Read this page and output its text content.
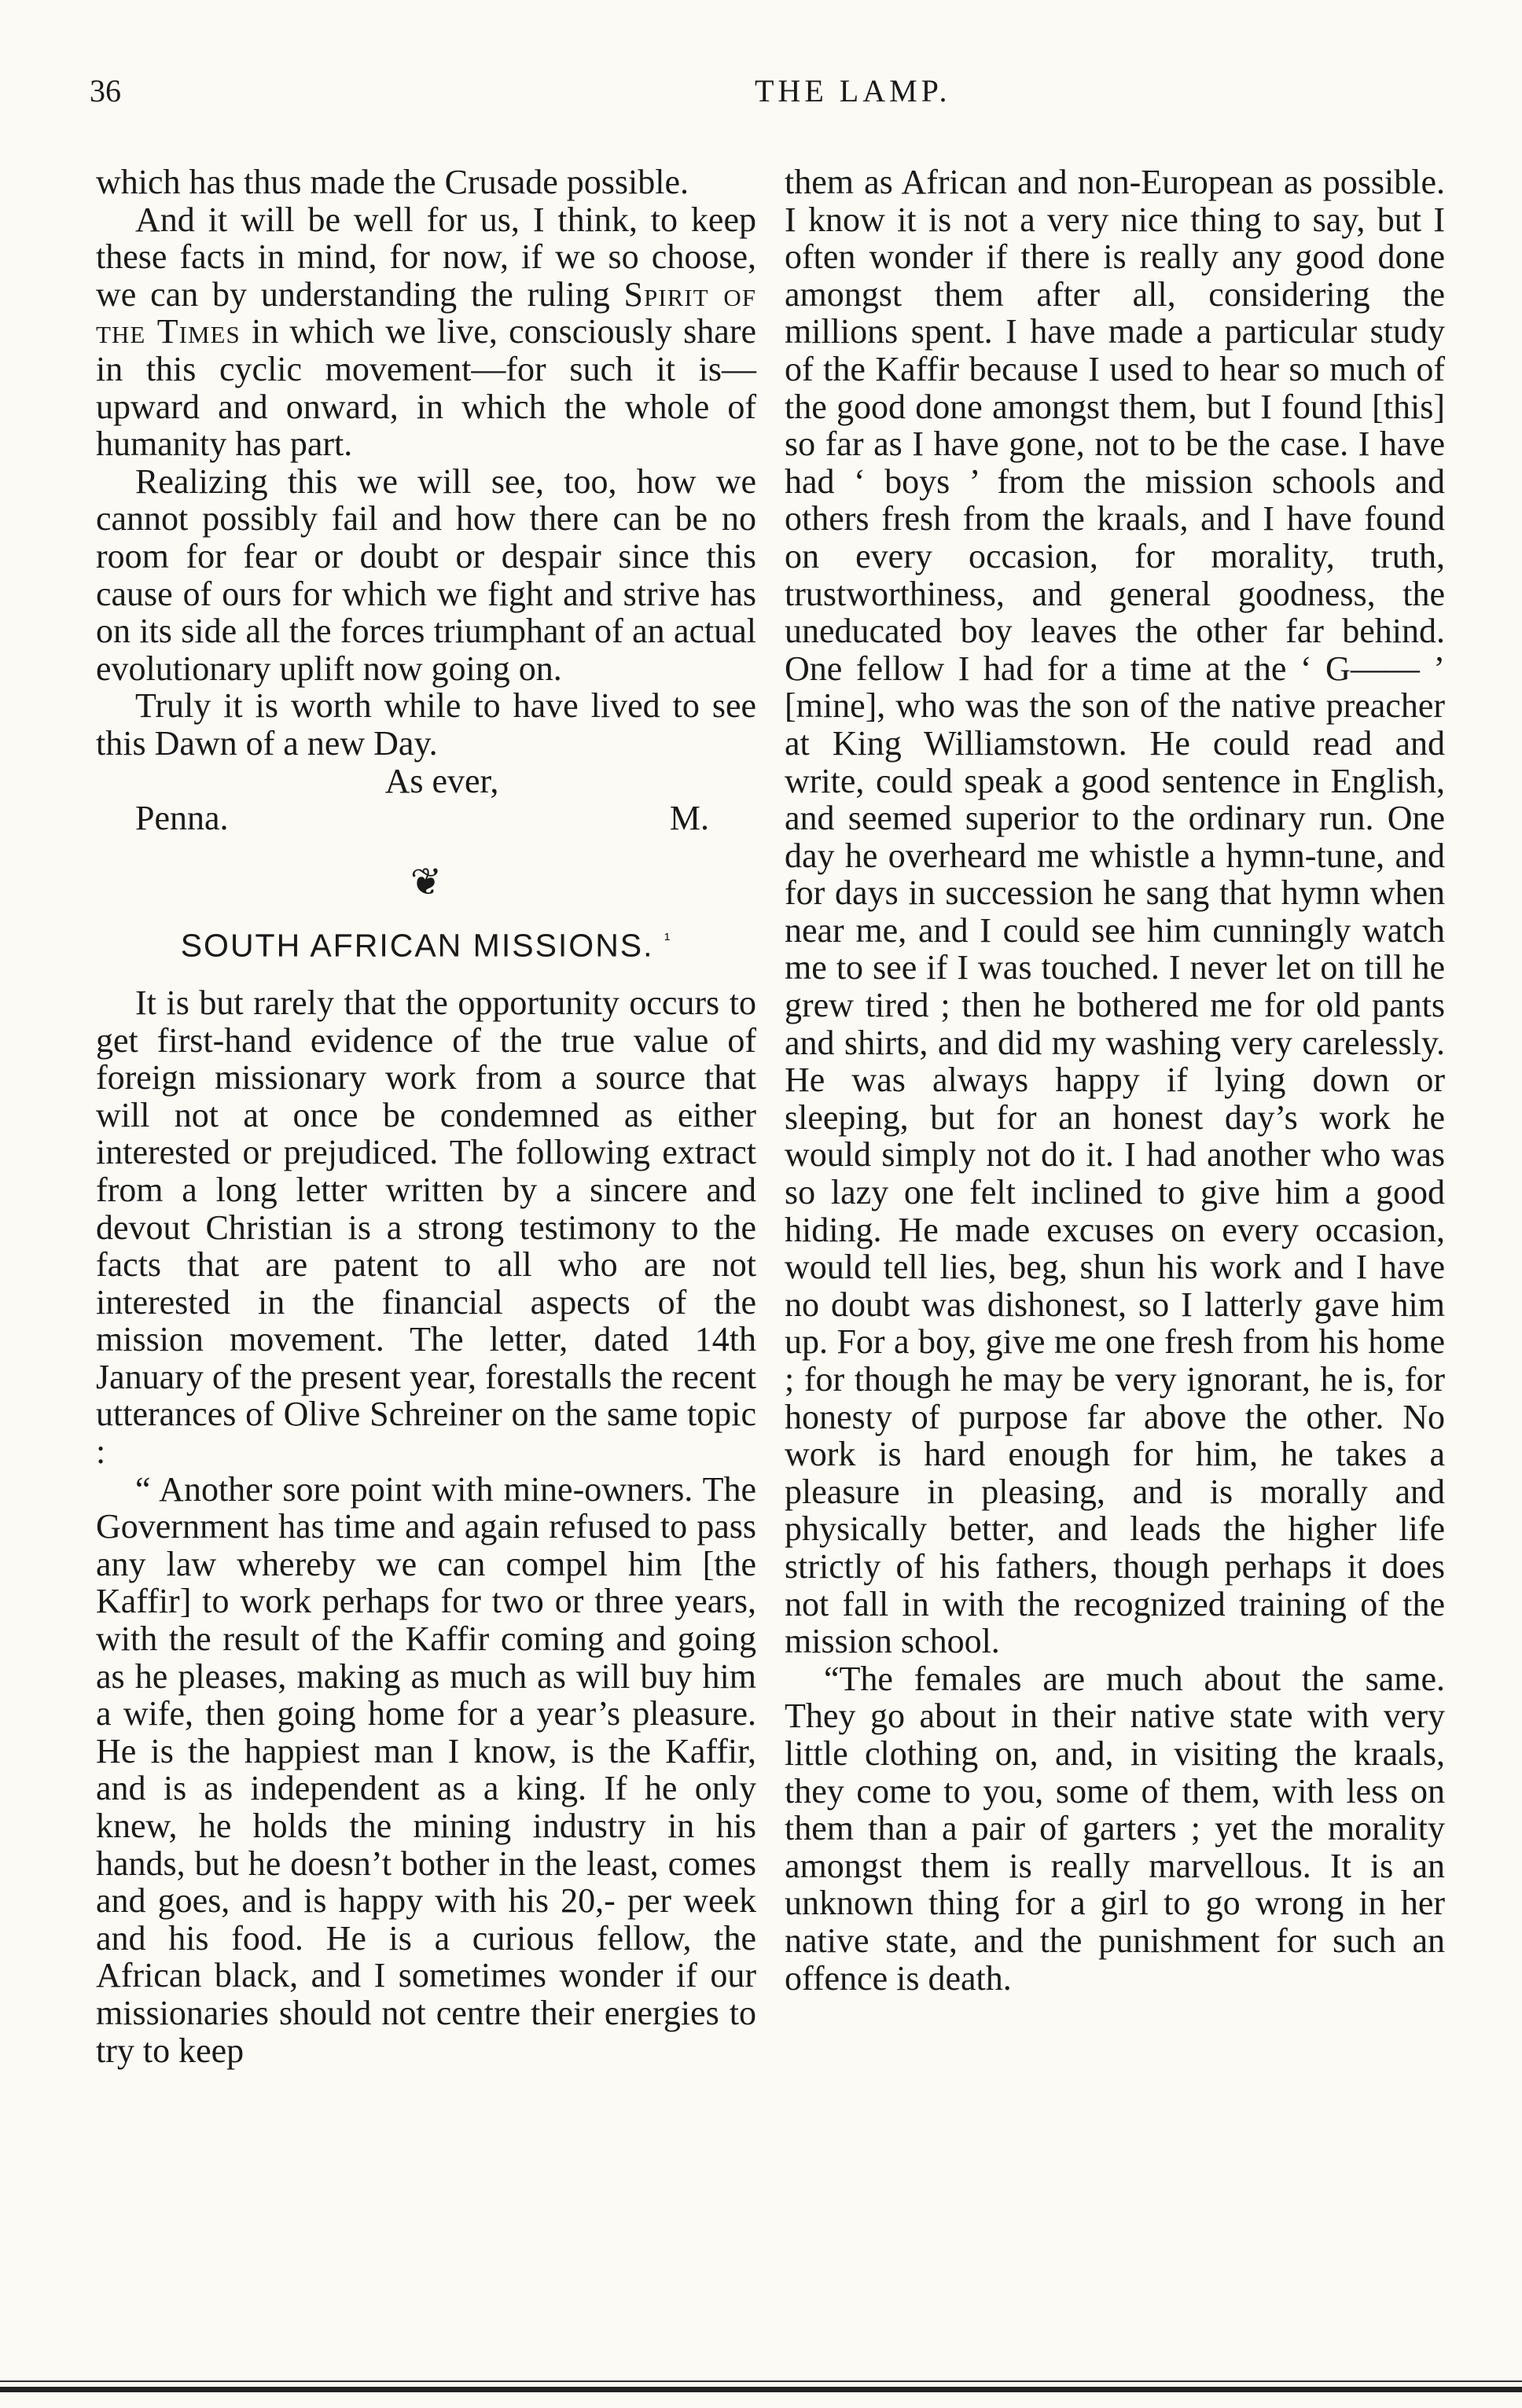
36	THE LAMP.

which has thus made the Crusade possible.

And it will be well for us, I think, to keep these facts in mind, for now, if we so choose, we can by understanding the ruling Spirit of the Times in which we live, consciously share in this cyclic movement—for such it is—upward and onward, in which the whole of humanity has part.

Realizing this we will see, too, how we cannot possibly fail and how there can be no room for fear or doubt or despair since this cause of ours for which we fight and strive has on its side all the forces triumphant of an actual evolutionary uplift now going on.

Truly it is worth while to have lived to see this Dawn of a new Day.

As ever,

Penna.	M.
❦
SOUTH AFRICAN MISSIONS. $^{^1}$

It is but rarely that the opportunity occurs to get first-hand evidence of the true value of foreign missionary work from a source that will not at once be condemned as either interested or prejudiced. The following extract from a long letter written by a sincere and devout Christian is a strong testimony to the facts that are patent to all who are not interested in the financial aspects of the mission movement. The letter, dated 14th January of the present year, forestalls the recent utterances of Olive Schreiner on the same topic :

“ Another sore point with mine-owners. The Government has time and again refused to pass any law whereby we can compel him [the Kaffir] to work perhaps for two or three years, with the result of the Kaffir coming and going as he pleases, making as much as will buy him a wife, then going home for a year’s pleasure. He is the happiest man I know, is the Kaffir, and is as independent as a king. If he only knew, he holds the mining industry in his hands, but he doesn’t bother in the least, comes and goes, and is happy with his 20,- per week and his food. He is a curious fellow, the African black, and I sometimes wonder if our missionaries should not centre their energies to try to keep

them as African and non-European as possible. I know it is not a very nice thing to say, but I often wonder if there is really any good done amongst them after all, considering the millions spent. I have made a particular study of the Kaffir because I used to hear so much of the good done amongst them, but I found [this] so far as I have gone, not to be the case. I have had ‘ boys ’ from the mission schools and others fresh from the kraals, and I have found on every occasion, for morality, truth, trustworthiness, and general goodness, the uneducated boy leaves the other far behind. One fellow I had for a time at the ‘ G—— ’ [mine], who was the son of the native preacher at King Williamstown. He could read and write, could speak a good sentence in English, and seemed superior to the ordinary run. One day he overheard me whistle a hymn-tune, and for days in succession he sang that hymn when near me, and I could see him cunningly watch me to see if I was touched. I never let on till he grew tired ; then he bothered me for old pants and shirts, and did my washing very carelessly. He was always happy if lying down or sleeping, but for an honest day’s work he would simply not do it. I had another who was so lazy one felt inclined to give him a good hiding. He made excuses on every occasion, would tell lies, beg, shun his work and I have no doubt was dishonest, so I latterly gave him up. For a boy, give me one fresh from his home ; for though he may be very ignorant, he is, for honesty of purpose far above the other. No work is hard enough for him, he takes a pleasure in pleasing, and is morally and physically better, and leads the higher life strictly of his fathers, though perhaps it does not fall in with the recognized training of the mission school.

“The females are much about the same. They go about in their native state with very little clothing on, and, in visiting the kraals, they come to you, some of them, with less on them than a pair of garters ; yet the morality amongst them is really marvellous. It is an unknown thing for a girl to go wrong in her native state, and the punishment for such an offence is death.
